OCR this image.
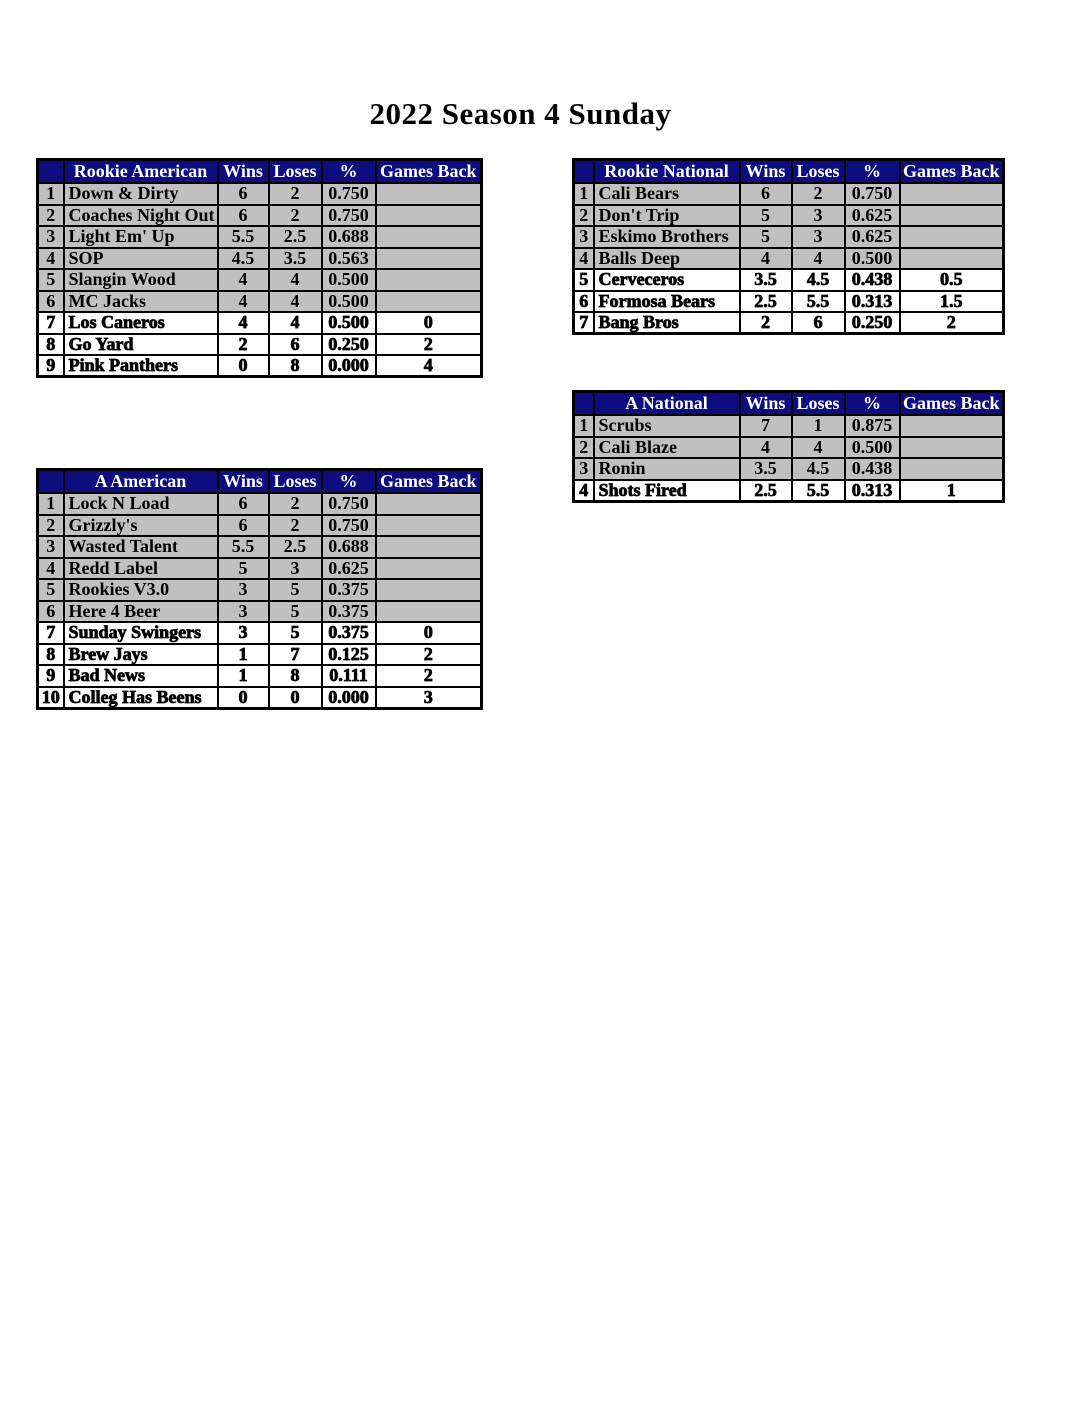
2022 Season 4 Sunday
	Rookie American	Wins	Loses	%	Games Back
1	Down & Dirty	6	2	0.750	
2	Coaches Night Out	6	2	0.750	
3	Light Em' Up	5.5	2.5	0.688	
4	SOP	4.5	3.5	0.563	
5	Slangin Wood	4	4	0.500	
6	MC Jacks	4	4	0.500	
7	Los Caneros	4	4	0.500	0
8	Go Yard	2	6	0.250	2
9	Pink Panthers	0	8	0.000	4
	Rookie National	Wins	Loses	%	Games Back
1	Cali Bears	6	2	0.750	
2	Don't Trip	5	3	0.625	
3	Eskimo Brothers	5	3	0.625	
4	Balls Deep	4	4	0.500	
5	Cerveceros	3.5	4.5	0.438	0.5
6	Formosa Bears	2.5	5.5	0.313	1.5
7	Bang Bros	2	6	0.250	2
	A National	Wins	Loses	%	Games Back
1	Scrubs	7	1	0.875	
2	Cali Blaze	4	4	0.500	
3	Ronin	3.5	4.5	0.438	
4	Shots Fired	2.5	5.5	0.313	1
	A American	Wins	Loses	%	Games Back
1	Lock N Load	6	2	0.750	
2	Grizzly's	6	2	0.750	
3	Wasted Talent	5.5	2.5	0.688	
4	Redd Label	5	3	0.625	
5	Rookies V3.0	3	5	0.375	
6	Here 4 Beer	3	5	0.375	
7	Sunday Swingers	3	5	0.375	0
8	Brew Jays	1	7	0.125	2
9	Bad News	1	8	0.111	2
10	Colleg Has Beens	0	0	0.000	3
